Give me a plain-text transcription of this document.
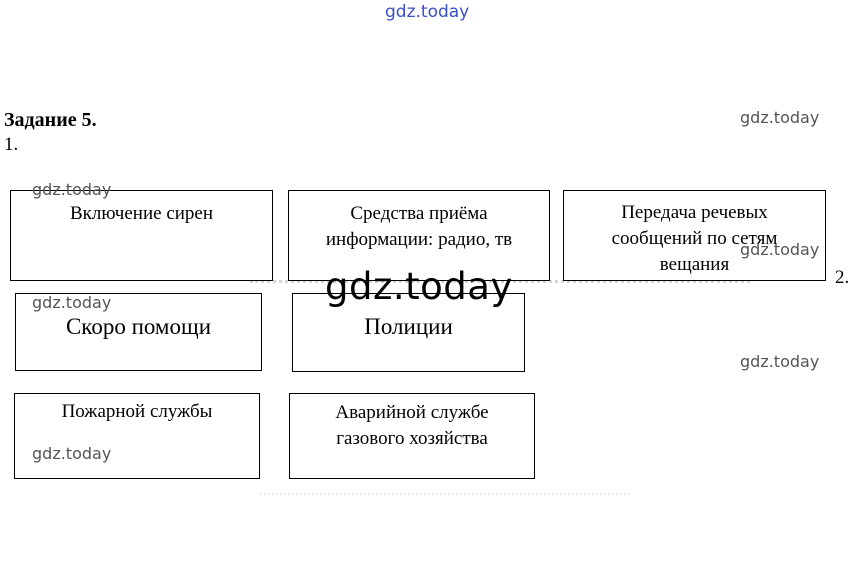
gdz.today
Задание 5.
1.
2.
gdz.today
Включение сирен	Средства приёма
информации: радио, тв
Передача речевых
сообщений по сетям
вещания
Скоро помощи	Полиции
Пожарной службы	Аварийной службе
газового хозяйства
gdz.today
gdz.today
gdz.today
gdz.today
gdz.today
gdz.today
